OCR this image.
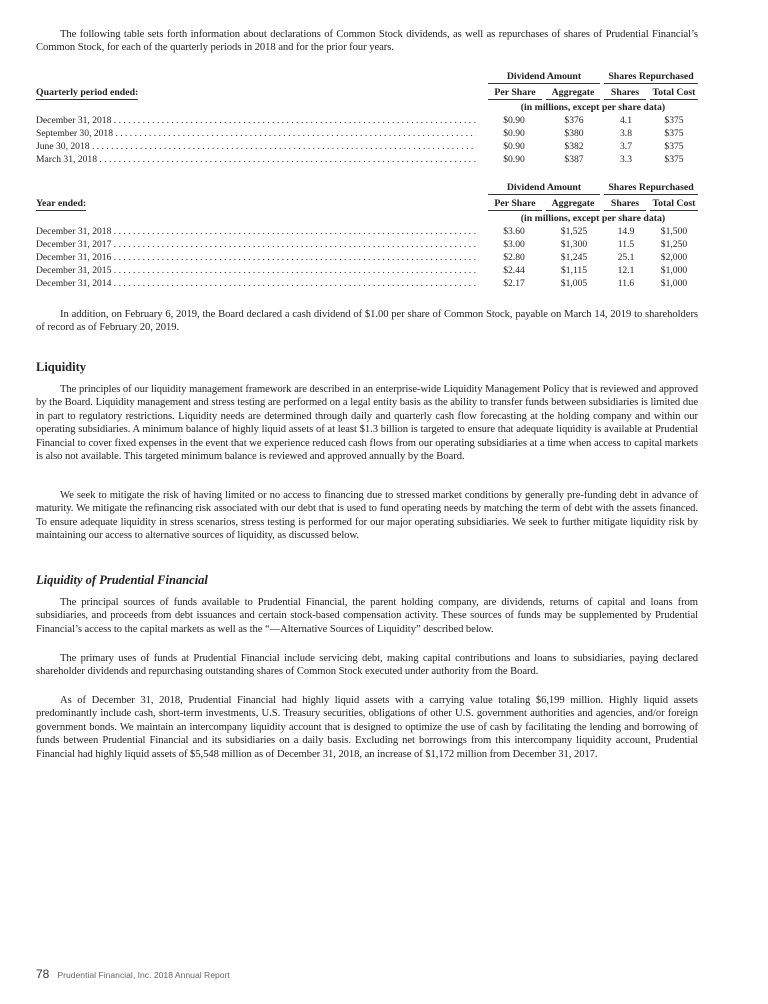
The following table sets forth information about declarations of Common Stock dividends, as well as repurchases of shares of Prudential Financial’s Common Stock, for each of the quarterly periods in 2018 and for the prior four years.

Dividend Amount	Shares Repurchased
Quarterly period ended:	Per Share	Aggregate	Shares	Total Cost
(in millions, except per share data)
December 31, 2018 . . .	$0.90	$376	4.1	$375
September 30, 2018 . . .	$0.90	$380	3.8	$375
June 30, 2018 . . .	$0.90	$382	3.7	$375
March 31, 2018 . . .	$0.90	$387	3.3	$375
Dividend Amount	Shares Repurchased
Year ended:	Per Share	Aggregate	Shares	Total Cost
(in millions, except per share data)
December 31, 2018 . . .	$3.60	$1,525	14.9	$1,500
December 31, 2017 . . .	$3.00	$1,300	11.5	$1,250
December 31, 2016 . . .	$2.80	$1,245	25.1	$2,000
December 31, 2015 . . .	$2.44	$1,115	12.1	$1,000
December 31, 2014 . . .	$2.17	$1,005	11.6	$1,000

In addition, on February 6, 2019, the Board declared a cash dividend of $1.00 per share of Common Stock, payable on March 14, 2019 to shareholders of record as of February 20, 2019.

Liquidity

The principles of our liquidity management framework are described in an enterprise-wide Liquidity Management Policy that is reviewed and approved by the Board. Liquidity management and stress testing are performed on a legal entity basis as the ability to transfer funds between subsidiaries is limited due in part to regulatory restrictions. Liquidity needs are determined through daily and quarterly cash flow forecasting at the holding company and within our operating subsidiaries. A minimum balance of highly liquid assets of at least $1.3 billion is targeted to ensure that adequate liquidity is available at Prudential Financial to cover fixed expenses in the event that we experience reduced cash flows from our operating subsidiaries at a time when access to capital markets is also not available. This targeted minimum balance is reviewed and approved annually by the Board.

We seek to mitigate the risk of having limited or no access to financing due to stressed market conditions by generally pre-funding debt in advance of maturity. We mitigate the refinancing risk associated with our debt that is used to fund operating needs by matching the term of debt with the assets financed. To ensure adequate liquidity in stress scenarios, stress testing is performed for our major operating subsidiaries. We seek to further mitigate liquidity risk by maintaining our access to alternative sources of liquidity, as discussed below.

Liquidity of Prudential Financial

The principal sources of funds available to Prudential Financial, the parent holding company, are dividends, returns of capital and loans from subsidiaries, and proceeds from debt issuances and certain stock-based compensation activity. These sources of funds may be supplemented by Prudential Financial’s access to the capital markets as well as the “—Alternative Sources of Liquidity” described below.

The primary uses of funds at Prudential Financial include servicing debt, making capital contributions and loans to subsidiaries, paying declared shareholder dividends and repurchasing outstanding shares of Common Stock executed under authority from the Board.

As of December 31, 2018, Prudential Financial had highly liquid assets with a carrying value totaling $6,199 million. Highly liquid assets predominantly include cash, short-term investments, U.S. Treasury securities, obligations of other U.S. government authorities and agencies, and/or foreign government bonds. We maintain an intercompany liquidity account that is designed to optimize the use of cash by facilitating the lending and borrowing of funds between Prudential Financial and its subsidiaries on a daily basis. Excluding net borrowings from this intercompany liquidity account, Prudential Financial had highly liquid assets of $5,548 million as of December 31, 2018, an increase of $1,172 million from December 31, 2017.

78 Prudential Financial, Inc. 2018 Annual Report
